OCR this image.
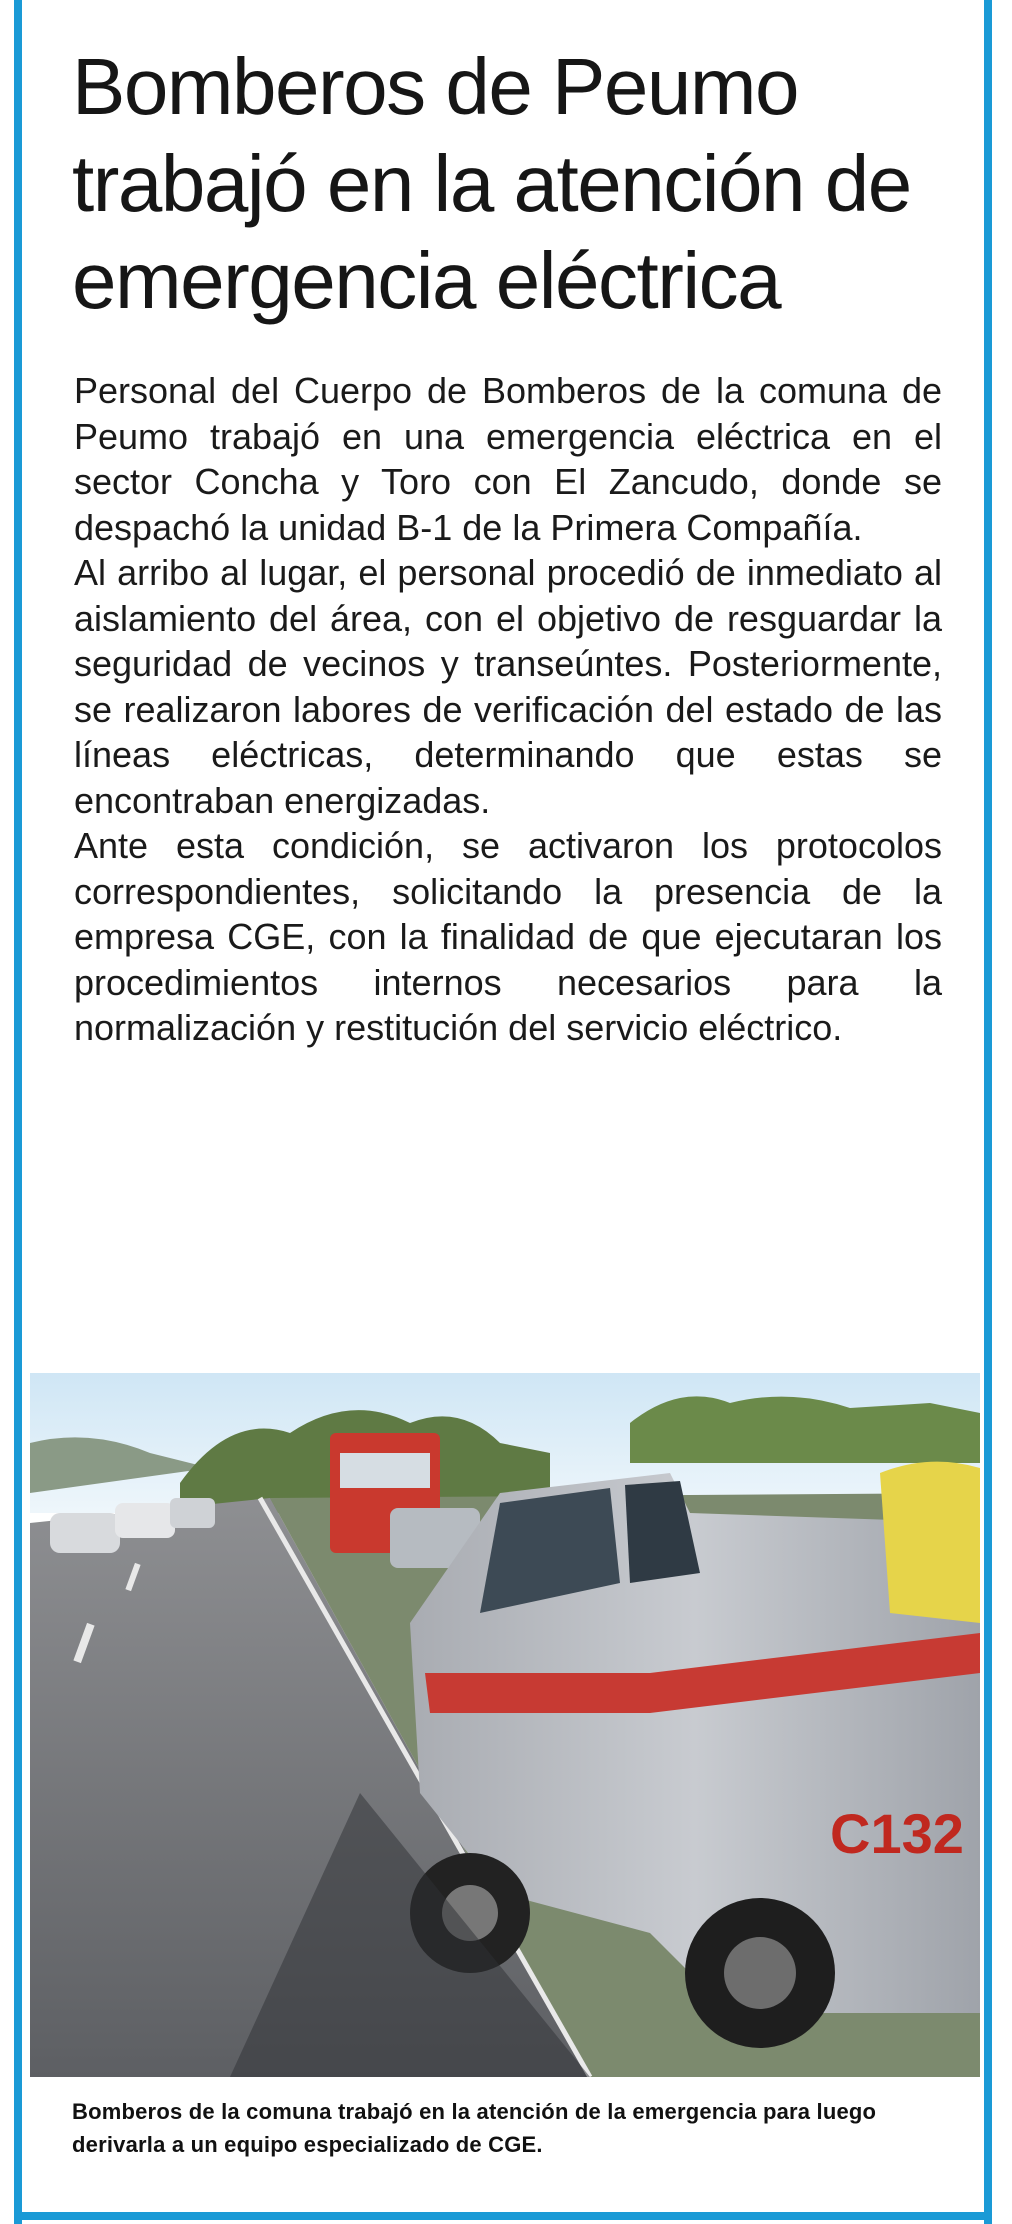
Bomberos de Peumo trabajó en la atención de emergencia eléctrica

Personal del Cuerpo de Bomberos de la comuna de Peumo trabajó en una emergencia eléctrica en el sector Concha y Toro con El Zancudo, donde se despachó la unidad B-1 de la Primera Compañía.

Al arribo al lugar, el personal procedió de inmediato al aislamiento del área, con el objetivo de resguardar la seguridad de vecinos y transeúntes. Posteriormente, se realizaron labores de verificación del estado de las líneas eléctricas, determinando que estas se encontraban energizadas.

Ante esta condición, se activaron los protocolos correspondientes, solicitando la presencia de la empresa CGE, con la finalidad de que ejecutaran los procedimientos internos necesarios para la normalización y restitución del servicio eléctrico.

C132
Bomberos de la comuna trabajó en la atención de la emergencia para luego derivarla a un equipo especializado de CGE.
